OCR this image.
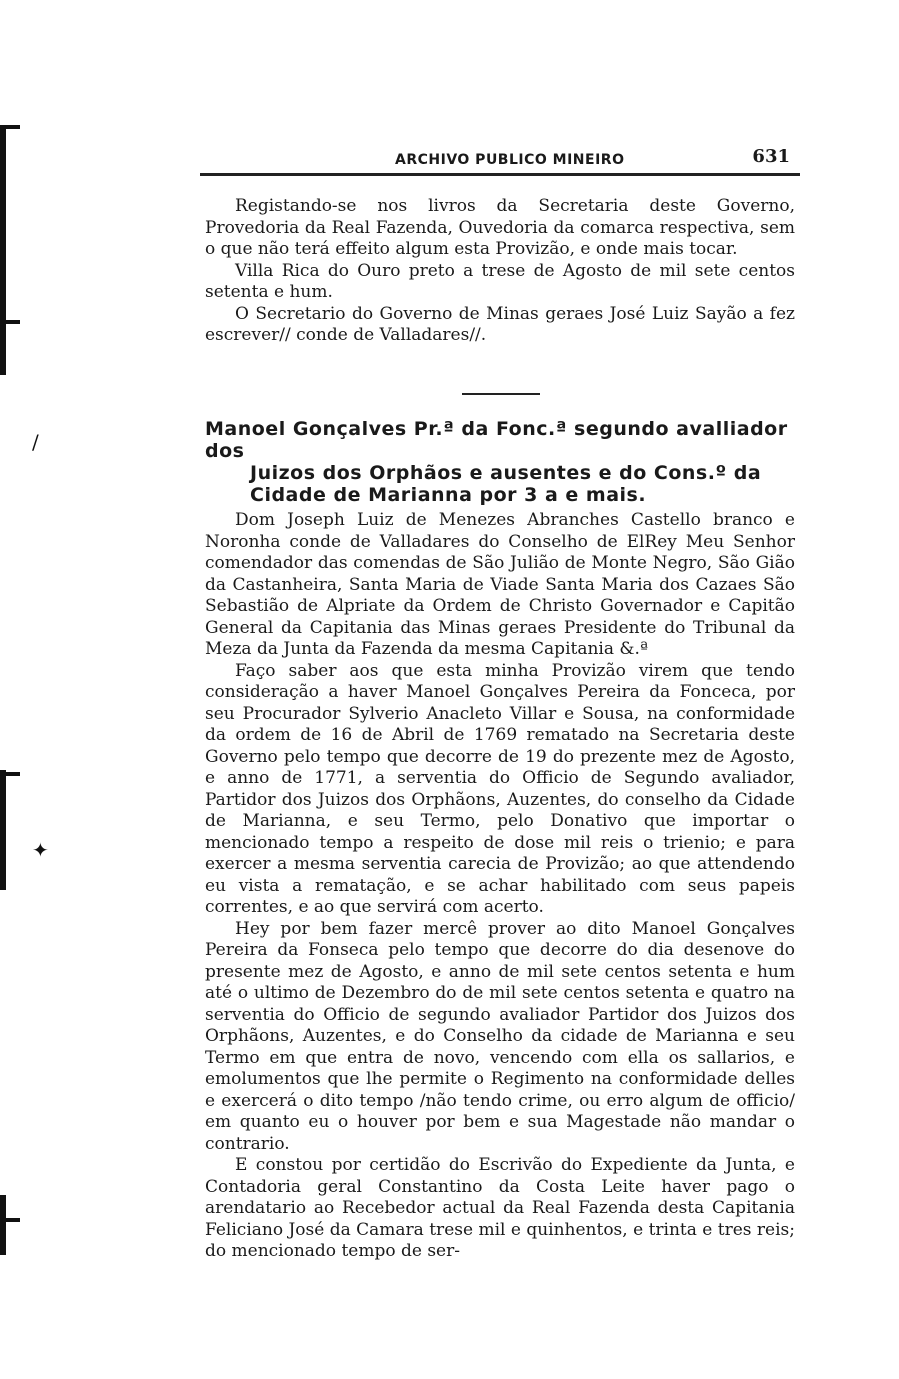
/
✦
ARCHIVO PUBLICO MINEIRO	631

Registando-se nos livros da Secretaria deste Governo, Provedoria da Real Fazenda, Ouvedoria da comarca respectiva, sem o que não terá effeito algum esta Provizão, e onde mais tocar.

Villa Rica do Ouro preto a trese de Agosto de mil sete centos setenta e hum.

O Secretario do Governo de Minas geraes José Luiz Sayão a fez escrever// conde de Valladares//.

Manoel Gonçalves Pr.ª da Fonc.ª segundo avalliador dos
Juizos dos Orphãos e ausentes e do Cons.º da Cidade de Marianna por 3 a e mais.

Dom Joseph Luiz de Menezes Abranches Castello branco e Noronha conde de Valladares do Conselho de ElRey Meu Senhor comendador das comendas de São Julião de Monte Negro, São Gião da Castanheira, Santa Maria de Viade Santa Maria dos Cazaes São Sebastião de Alpriate da Ordem de Christo Governador e Capitão General da Capitania das Minas geraes Presidente do Tribunal da Meza da Junta da Fazenda da mesma Capitania &.ª

Faço saber aos que esta minha Provizão virem que tendo consideração a haver Manoel Gonçalves Pereira da Fonceca, por seu Procurador Sylverio Anacleto Villar e Sousa, na conformidade da ordem de 16 de Abril de 1769 rematado na Secretaria deste Governo pelo tempo que decorre de 19 do prezente mez de Agosto, e anno de 1771, a serventia do Officio de Segundo avaliador, Partidor dos Juizos dos Orphãons, Auzentes, do conselho da Cidade de Marianna, e seu Termo, pelo Donativo que importar o mencionado tempo a respeito de dose mil reis o trienio; e para exercer a mesma serventia carecia de Provizão; ao que attendendo eu vista a rematação, e se achar habilitado com seus papeis correntes, e ao que servirá com acerto.

Hey por bem fazer mercê prover ao dito Manoel Gonçalves Pereira da Fonseca pelo tempo que decorre do dia desenove do presente mez de Agosto, e anno de mil sete centos setenta e hum até o ultimo de Dezembro do de mil sete centos setenta e quatro na serventia do Officio de segundo avaliador Partidor dos Juizos dos Orphãons, Auzentes, e do Conselho da cidade de Marianna e seu Termo em que entra de novo, vencendo com ella os sallarios, e emolumentos que lhe permite o Regimento na conformidade delles e exercerá o dito tempo /não tendo crime, ou erro algum de officio/ em quanto eu o houver por bem e sua Magestade não mandar o contrario.

E constou por certidão do Escrivão do Expediente da Junta, e Contadoria geral Constantino da Costa Leite haver pago o arendatario ao Recebedor actual da Real Fazenda desta Capitania Feliciano José da Camara trese mil e quinhentos, e trinta e tres reis; do mencionado tempo de ser-
